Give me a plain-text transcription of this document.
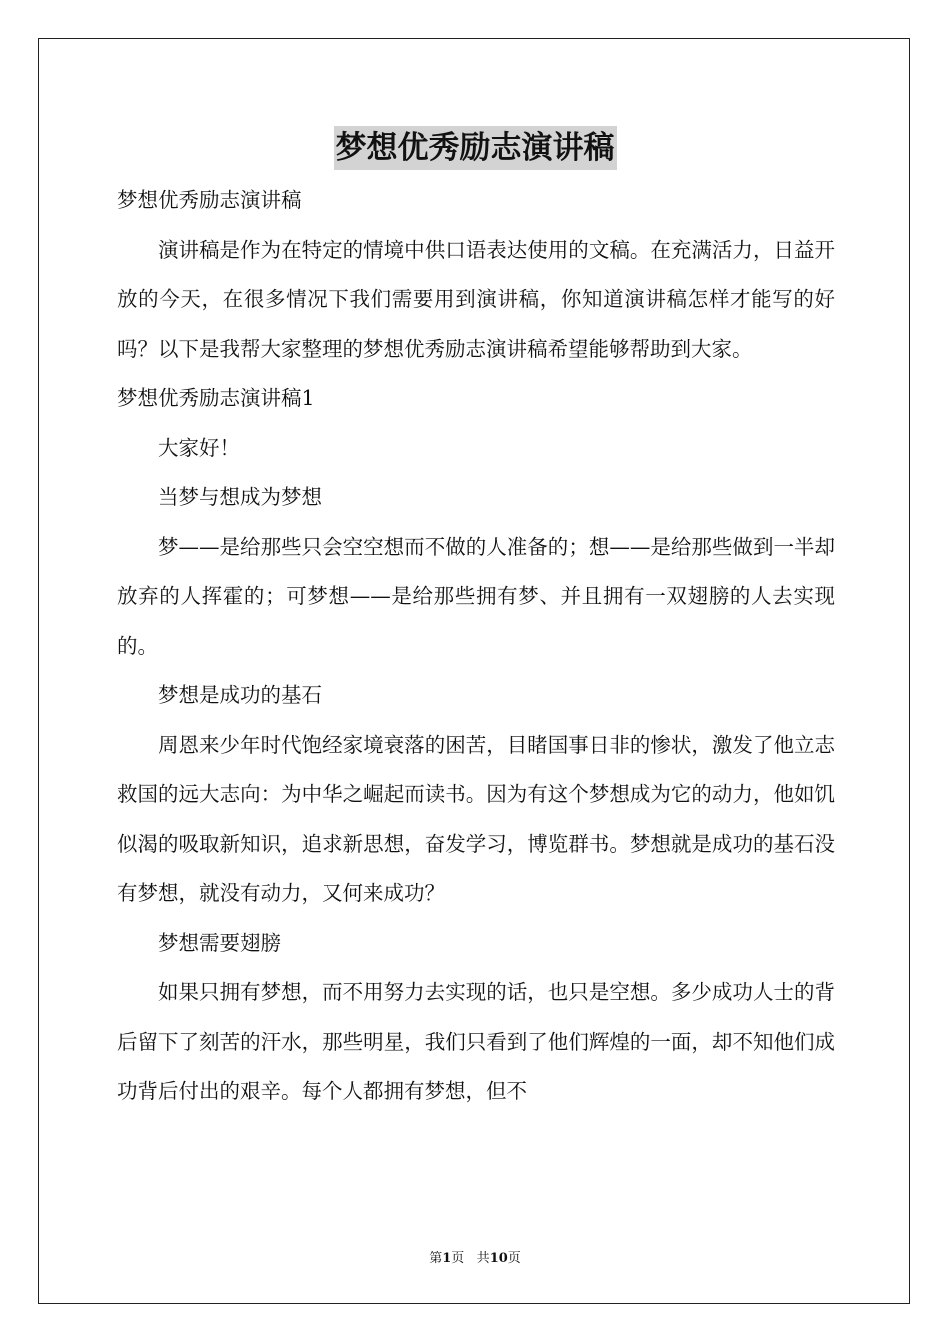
梦想优秀励志演讲稿

梦想优秀励志演讲稿

演讲稿是作为在特定的情境中供口语表达使用的文稿。在充满活力，日益开放的今天，在很多情况下我们需要用到演讲稿，你知道演讲稿怎样才能写的好吗？以下是我帮大家整理的梦想优秀励志演讲稿希望能够帮助到大家。

梦想优秀励志演讲稿1

大家好！

当梦与想成为梦想

梦——是给那些只会空空想而不做的人准备的；想——是给那些做到一半却放弃的人挥霍的；可梦想——是给那些拥有梦、并且拥有一双翅膀的人去实现的。

梦想是成功的基石

周恩来少年时代饱经家境衰落的困苦，目睹国事日非的惨状，激发了他立志救国的远大志向：为中华之崛起而读书。因为有这个梦想成为它的动力，他如饥似渴的吸取新知识，追求新思想，奋发学习，博览群书。梦想就是成功的基石没有梦想，就没有动力，又何来成功？

梦想需要翅膀

如果只拥有梦想，而不用努力去实现的话，也只是空想。多少成功人士的背后留下了刻苦的汗水，那些明星，我们只看到了他们辉煌的一面，却不知他们成功背后付出的艰辛。每个人都拥有梦想，但不

第1页 共10页
